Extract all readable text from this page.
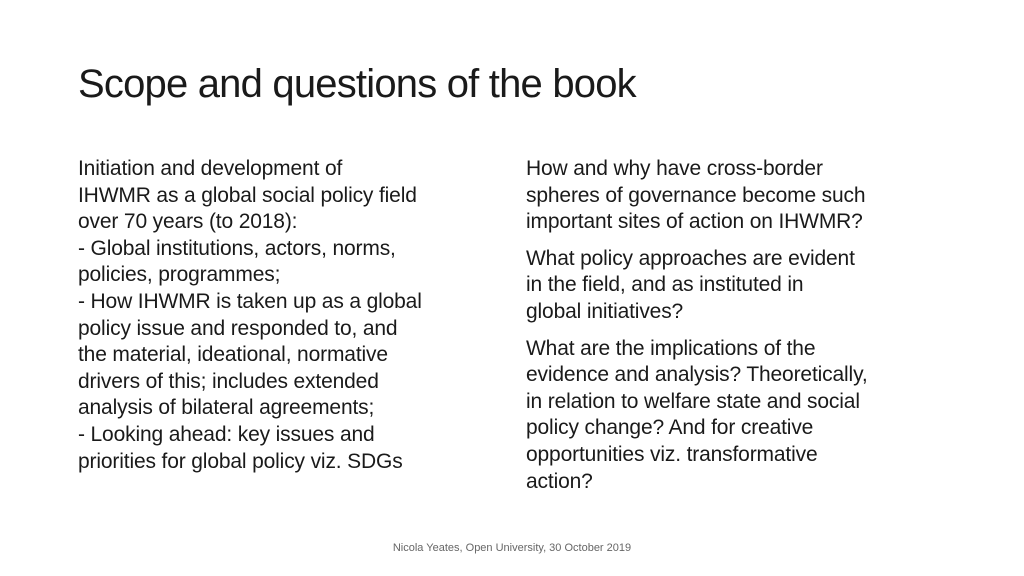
Scope and questions of the book
Initiation and development of
IHWMR as a global social policy field
over 70 years (to 2018):
- Global institutions, actors, norms,
policies, programmes;
- How IHWMR is taken up as a global
policy issue and responded to, and
the material, ideational, normative
drivers of this; includes extended
analysis of bilateral agreements;
- Looking ahead: key issues and
priorities for global policy viz. SDGs
How and why have cross-border
spheres of governance become such
important sites of action on IHWMR?
What policy approaches are evident
in the field, and as instituted in
global initiatives?
What are the implications of the
evidence and analysis? Theoretically,
in relation to welfare state and social
policy change? And for creative
opportunities viz. transformative
action?
Nicola Yeates, Open University, 30 October 2019
